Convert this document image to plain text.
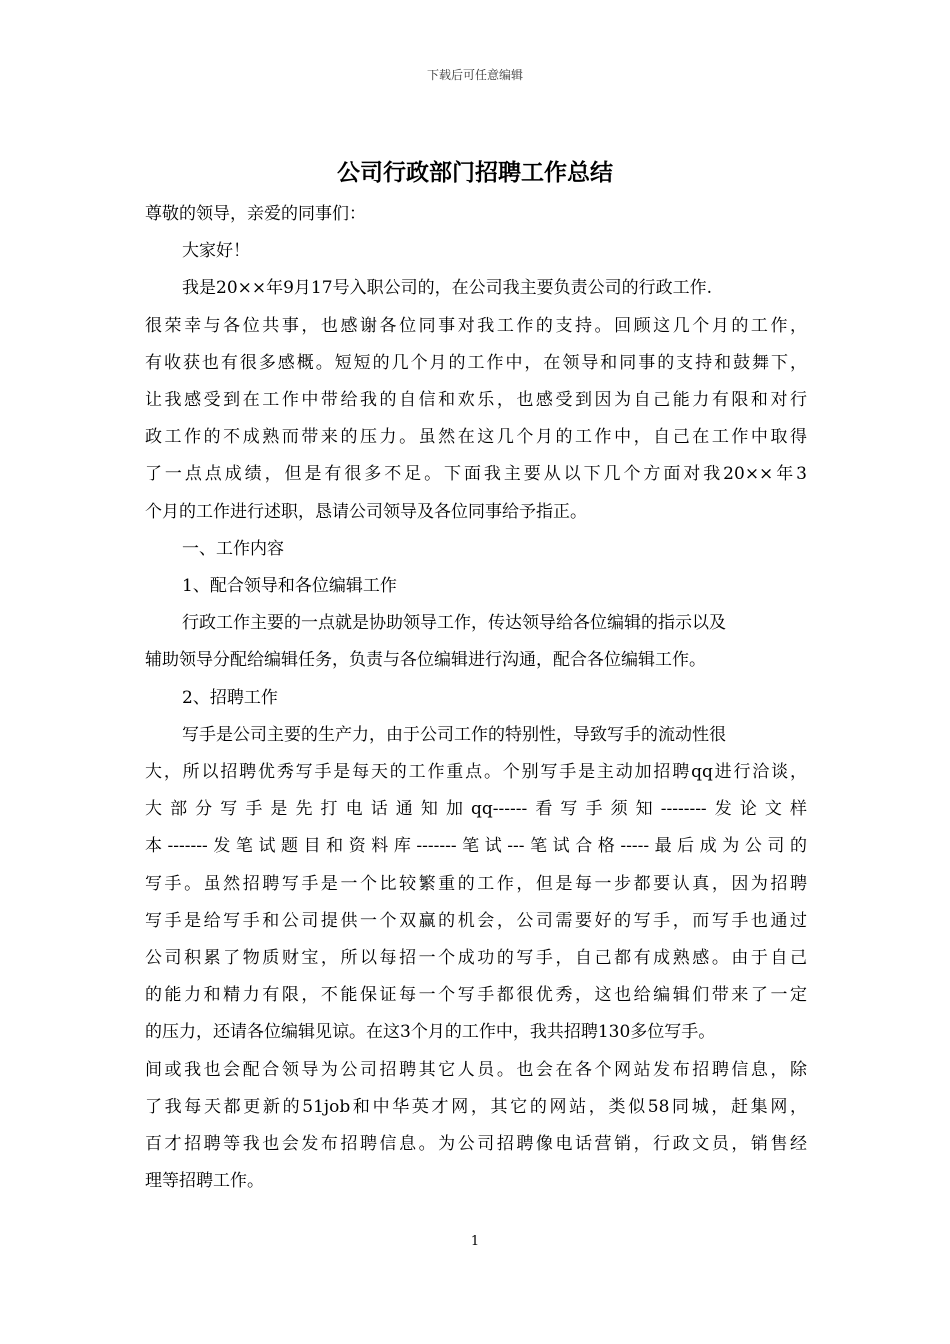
下载后可任意编辑
公司行政部门招聘工作总结

尊敬的领导，亲爱的同事们：

大家好！

我是20××年9月17号入职公司的，在公司我主要负责公司的行政工作.
很荣幸与各位共事，也感谢各位同事对我工作的支持。回顾这几个月的工作，
有收获也有很多感概。短短的几个月的工作中，在领导和同事的支持和鼓舞下，
让我感受到在工作中带给我的自信和欢乐，也感受到因为自己能力有限和对行
政工作的不成熟而带来的压力。虽然在这几个月的工作中，自己在工作中取得
了一点点成绩，但是有很多不足。下面我主要从以下几个方面对我20××年3
个月的工作进行述职，恳请公司领导及各位同事给予指正。

一、工作内容

1、配合领导和各位编辑工作

行政工作主要的一点就是协助领导工作，传达领导给各位编辑的指示以及
辅助领导分配给编辑任务，负责与各位编辑进行沟通，配合各位编辑工作。

2、招聘工作

写手是公司主要的生产力，由于公司工作的特别性，导致写手的流动性很
大，所以招聘优秀写手是每天的工作重点。个别写手是主动加招聘qq进行洽谈，
大部分写手是先打电话通知加qq------看写手须知--------发论文样
本-------发笔试题目和资料库-------笔试---笔试合格-----最后成为公司的
写手。虽然招聘写手是一个比较繁重的工作，但是每一步都要认真，因为招聘
写手是给写手和公司提供一个双赢的机会，公司需要好的写手，而写手也通过
公司积累了物质财宝，所以每招一个成功的写手，自己都有成熟感。由于自己
的能力和精力有限，不能保证每一个写手都很优秀，这也给编辑们带来了一定
的压力，还请各位编辑见谅。在这3个月的工作中，我共招聘130多位写手。
间或我也会配合领导为公司招聘其它人员。也会在各个网站发布招聘信息，除
了我每天都更新的51job和中华英才网，其它的网站，类似58同城，赶集网，
百才招聘等我也会发布招聘信息。为公司招聘像电话营销，行政文员，销售经
理等招聘工作。

1
